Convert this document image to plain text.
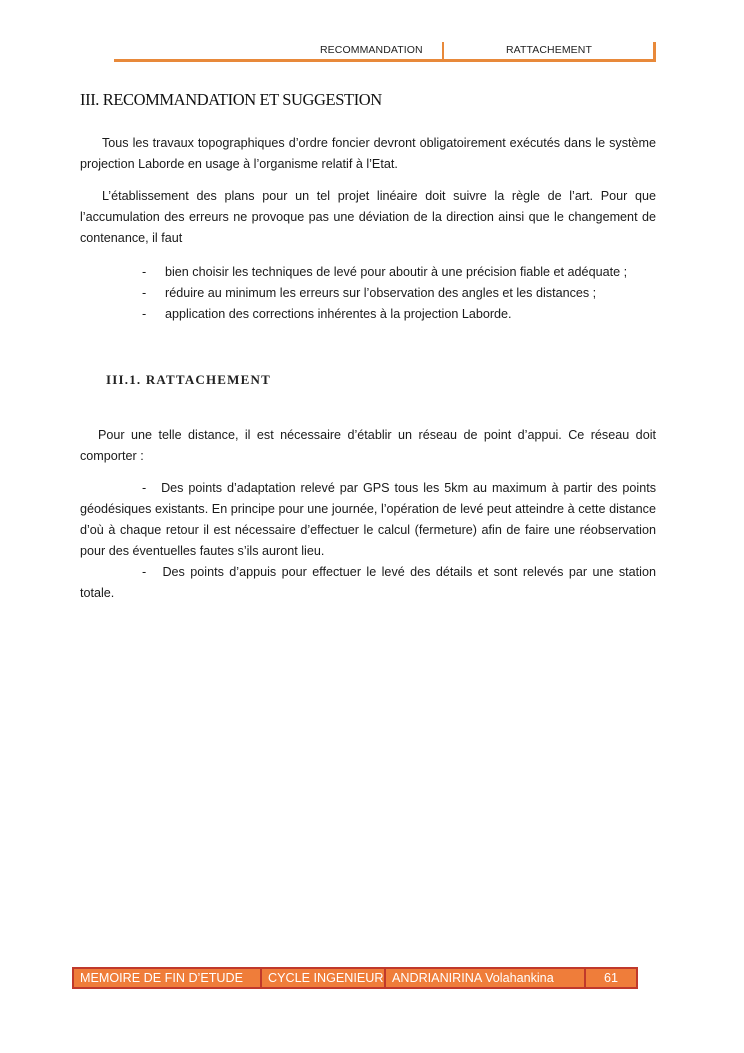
RECOMMANDATION	RATTACHEMENT
III. RECOMMANDATION ET SUGGESTION
Tous les travaux topographiques d’ordre foncier devront obligatoirement exécutés dans le système projection Laborde en usage à l’organisme relatif à l’Etat.
L’établissement des plans pour un tel projet linéaire doit suivre la règle de l’art. Pour que l’accumulation des erreurs ne provoque pas une déviation de la direction ainsi que le changement de contenance, il faut
- bien choisir les techniques de levé pour aboutir à une précision fiable et adéquate ;
- réduire au minimum les erreurs sur l’observation des angles et les distances ;
- application des corrections inhérentes à la projection Laborde.
III.1. RATTACHEMENT
Pour une telle distance, il est nécessaire d’établir un réseau de point d’appui. Ce réseau doit comporter :
- Des points d’adaptation relevé par GPS tous les 5km au maximum à partir des points géodésiques existants. En principe pour une journée, l’opération de levé peut atteindre à cette distance d’où à chaque retour il est nécessaire d’effectuer le calcul (fermeture) afin de faire une réobservation pour des éventuelles fautes s’ils auront lieu.
- Des points d’appuis pour effectuer le levé des détails et sont relevés par une station totale.
MEMOIRE DE FIN D’ETUDE	CYCLE INGENIEUR ANDRIANIRINA Volahankina	61
